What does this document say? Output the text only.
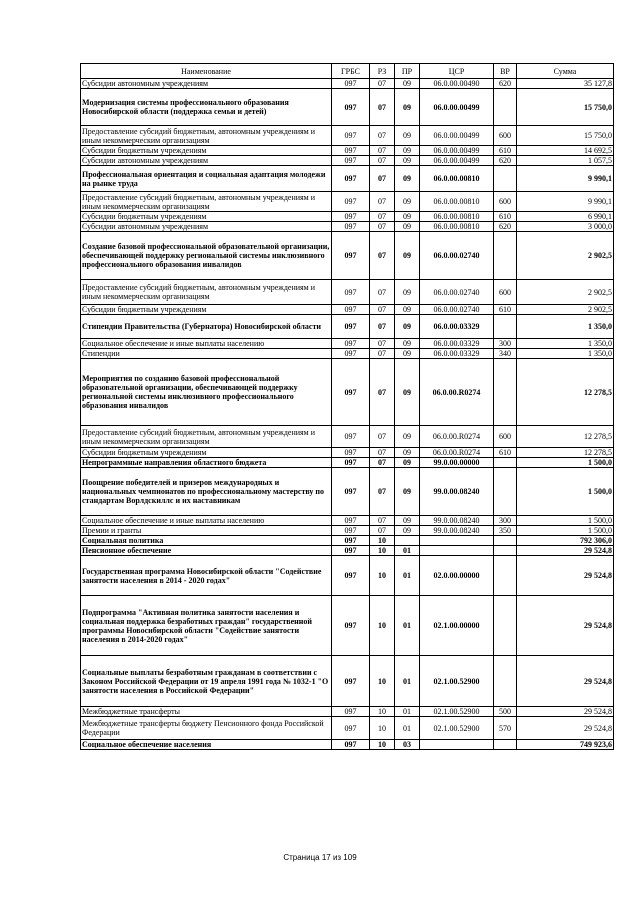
Наименование	ГРБС	РЗ	ПР	ЦСР	ВР	Сумма
Субсидии автономным учреждениям	097	07	09	06.0.00.00490	620	35 127,8
Модернизация системы профессионального образования Новосибирской области (поддержка семьи и детей)	097	07	09	06.0.00.00499		15 750,0
Предоставление субсидий бюджетным, автономным учреждениям и иным некоммерческим организациям	097	07	09	06.0.00.00499	600	15 750,0
Субсидии бюджетным учреждениям	097	07	09	06.0.00.00499	610	14 692,5
Субсидии автономным учреждениям	097	07	09	06.0.00.00499	620	1 057,5
Профессиональная ориентация и социальная адаптация молодежи на рынке труда	097	07	09	06.0.00.00810		9 990,1
Предоставление субсидий бюджетным, автономным учреждениям и иным некоммерческим организациям	097	07	09	06.0.00.00810	600	9 990,1
Субсидии бюджетным учреждениям	097	07	09	06.0.00.00810	610	6 990,1
Субсидии автономным учреждениям	097	07	09	06.0.00.00810	620	3 000,0
Создание базовой профессиональной образовательной организации, обеспечивающей поддержку региональной системы инклюзивного профессионального образования инвалидов	097	07	09	06.0.00.02740		2 902,5
Предоставление субсидий бюджетным, автономным учреждениям и иным некоммерческим организациям	097	07	09	06.0.00.02740	600	2 902,5
Субсидии бюджетным учреждениям	097	07	09	06.0.00.02740	610	2 902,5
Стипендии Правительства (Губернатора) Новосибирской области	097	07	09	06.0.00.03329		1 350,0
Социальное обеспечение и иные выплаты населению	097	07	09	06.0.00.03329	300	1 350,0
Стипендии	097	07	09	06.0.00.03329	340	1 350,0
Мероприятия по созданию базовой профессиональной образовательной организации, обеспечивающей поддержку региональной системы инклюзивного профессионального образования инвалидов	097	07	09	06.0.00.R0274		12 278,5
Предоставление субсидий бюджетным, автономным учреждениям и иным некоммерческим организациям	097	07	09	06.0.00.R0274	600	12 278,5
Субсидии бюджетным учреждениям	097	07	09	06.0.00.R0274	610	12 278,5
Непрограммные направления областного бюджета	097	07	09	99.0.00.00000		1 500,0
Поощрение победителей и призеров международных и национальных чемпионатов по профессиональному мастерству по стандартам Ворлдскиллс и их наставникам	097	07	09	99.0.00.08240		1 500,0
Социальное обеспечение и иные выплаты населению	097	07	09	99.0.00.08240	300	1 500,0
Премии и гранты	097	07	09	99.0.00.08240	350	1 500,0
Социальная политика	097	10				792 306,0
Пенсионное обеспечение	097	10	01			29 524,8
Государственная программа Новосибирской области "Содействие занятости населения в 2014 - 2020 годах"	097	10	01	02.0.00.00000		29 524,8
Подпрограмма "Активная политика занятости населения и социальная поддержка безработных граждан" государственной программы Новосибирской области "Содействие занятости населения в 2014-2020 годах"	097	10	01	02.1.00.00000		29 524,8
Социальные выплаты безработным гражданам в соответствии с Законом Российской Федерации от 19 апреля 1991 года № 1032-1 "О занятости населения в Российской Федерации"	097	10	01	02.1.00.52900		29 524,8
Межбюджетные трансферты	097	10	01	02.1.00.52900	500	29 524,8
Межбюджетные трансферты бюджету Пенсионного фонда Российской Федерации	097	10	01	02.1.00.52900	570	29 524,8
Социальное обеспечение населения	097	10	03			749 923,6
Страница 17 из 109
